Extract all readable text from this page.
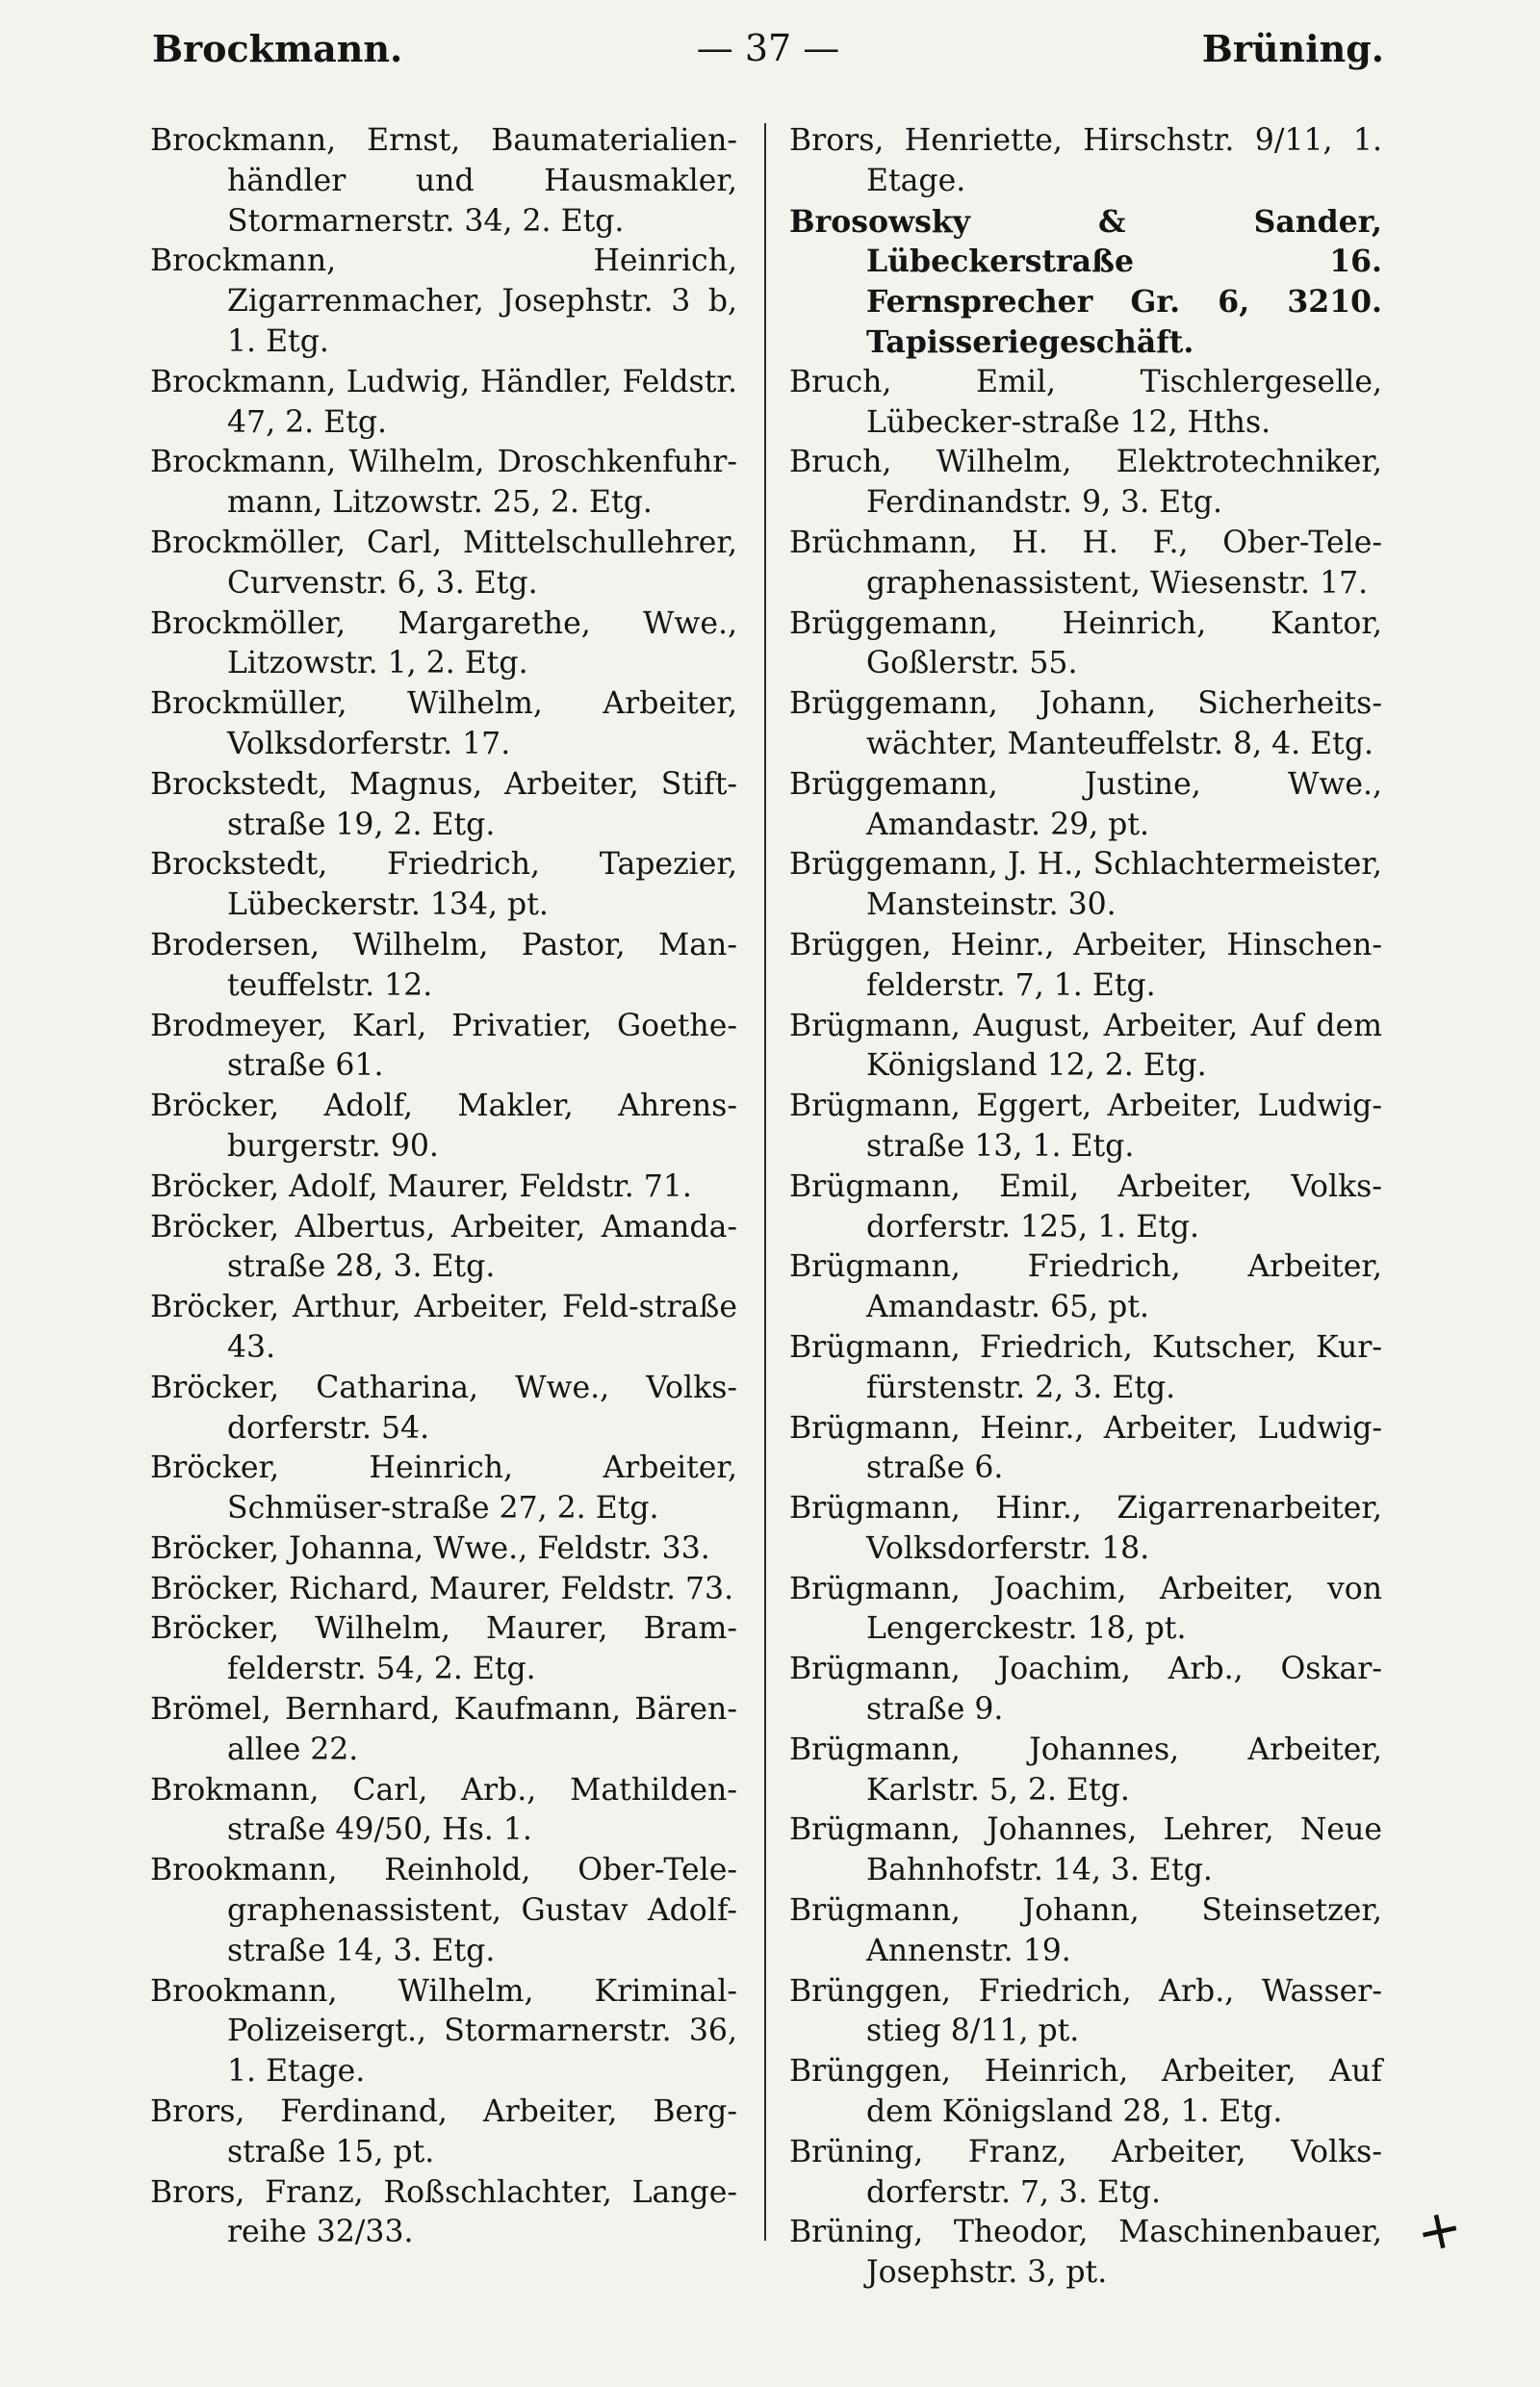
Brockmann.	— 37 —	Brüning.

Brockmann, Ernst, Baumaterialien-händler und Hausmakler, Stormarnerstr. 34, 2. Etg.

Brockmann, Heinrich, Zigarrenmacher, Josephstr. 3 b, 1. Etg.

Brockmann, Ludwig, Händler, Feldstr. 47, 2. Etg.

Brockmann, Wilhelm, Droschkenfuhr-mann, Litzowstr. 25, 2. Etg.

Brockmöller, Carl, Mittelschullehrer, Curvenstr. 6, 3. Etg.

Brockmöller, Margarethe, Wwe., Litzowstr. 1, 2. Etg.

Brockmüller, Wilhelm, Arbeiter, Volksdorferstr. 17.

Brockstedt, Magnus, Arbeiter, Stift-straße 19, 2. Etg.

Brockstedt, Friedrich, Tapezier, Lübeckerstr. 134, pt.

Brodersen, Wilhelm, Pastor, Man-teuffelstr. 12.

Brodmeyer, Karl, Privatier, Goethe-straße 61.

Bröcker, Adolf, Makler, Ahrens-burgerstr. 90.

Bröcker, Adolf, Maurer, Feldstr. 71.

Bröcker, Albertus, Arbeiter, Amanda-straße 28, 3. Etg.

Bröcker, Arthur, Arbeiter, Feld-straße 43.

Bröcker, Catharina, Wwe., Volks-dorferstr. 54.

Bröcker, Heinrich, Arbeiter, Schmüser-straße 27, 2. Etg.

Bröcker, Johanna, Wwe., Feldstr. 33.

Bröcker, Richard, Maurer, Feldstr. 73.

Bröcker, Wilhelm, Maurer, Bram-felderstr. 54, 2. Etg.

Brömel, Bernhard, Kaufmann, Bären-allee 22.

Brokmann, Carl, Arb., Mathilden-straße 49/50, Hs. 1.

Brookmann, Reinhold, Ober-Tele-graphenassistent, Gustav Adolf-straße 14, 3. Etg.

Brookmann, Wilhelm, Kriminal-Polizeisergt., Stormarnerstr. 36, 1. Etage.

Brors, Ferdinand, Arbeiter, Berg-straße 15, pt.

Brors, Franz, Roßschlachter, Lange-reihe 32/33.

Brors, Henriette, Hirschstr. 9/11, 1. Etage.

Brosowsky & Sander, Lübeckerstraße 16. Fernsprecher Gr. 6, 3210. Tapisseriegeschäft.

Bruch, Emil, Tischlergeselle, Lübecker-straße 12, Hths.

Bruch, Wilhelm, Elektrotechniker, Ferdinandstr. 9, 3. Etg.

Brüchmann, H. H. F., Ober-Tele-graphenassistent, Wiesenstr. 17.

Brüggemann, Heinrich, Kantor, Goßlerstr. 55.

Brüggemann, Johann, Sicherheits-wächter, Manteuffelstr. 8, 4. Etg.

Brüggemann, Justine, Wwe., Amandastr. 29, pt.

Brüggemann, J. H., Schlachtermeister, Mansteinstr. 30.

Brüggen, Heinr., Arbeiter, Hinschen-felderstr. 7, 1. Etg.

Brügmann, August, Arbeiter, Auf dem Königsland 12, 2. Etg.

Brügmann, Eggert, Arbeiter, Ludwig-straße 13, 1. Etg.

Brügmann, Emil, Arbeiter, Volks-dorferstr. 125, 1. Etg.

Brügmann, Friedrich, Arbeiter, Amandastr. 65, pt.

Brügmann, Friedrich, Kutscher, Kur-fürstenstr. 2, 3. Etg.

Brügmann, Heinr., Arbeiter, Ludwig-straße 6.

Brügmann, Hinr., Zigarrenarbeiter, Volksdorferstr. 18.

Brügmann, Joachim, Arbeiter, von Lengerckestr. 18, pt.

Brügmann, Joachim, Arb., Oskar-straße 9.

Brügmann, Johannes, Arbeiter, Karlstr. 5, 2. Etg.

Brügmann, Johannes, Lehrer, Neue Bahnhofstr. 14, 3. Etg.

Brügmann, Johann, Steinsetzer, Annenstr. 19.

Brünggen, Friedrich, Arb., Wasser-stieg 8/11, pt.

Brünggen, Heinrich, Arbeiter, Auf dem Königsland 28, 1. Etg.

Brüning, Franz, Arbeiter, Volks-dorferstr. 7, 3. Etg.

Brüning, Theodor, Maschinenbauer, Josephstr. 3, pt.

+
